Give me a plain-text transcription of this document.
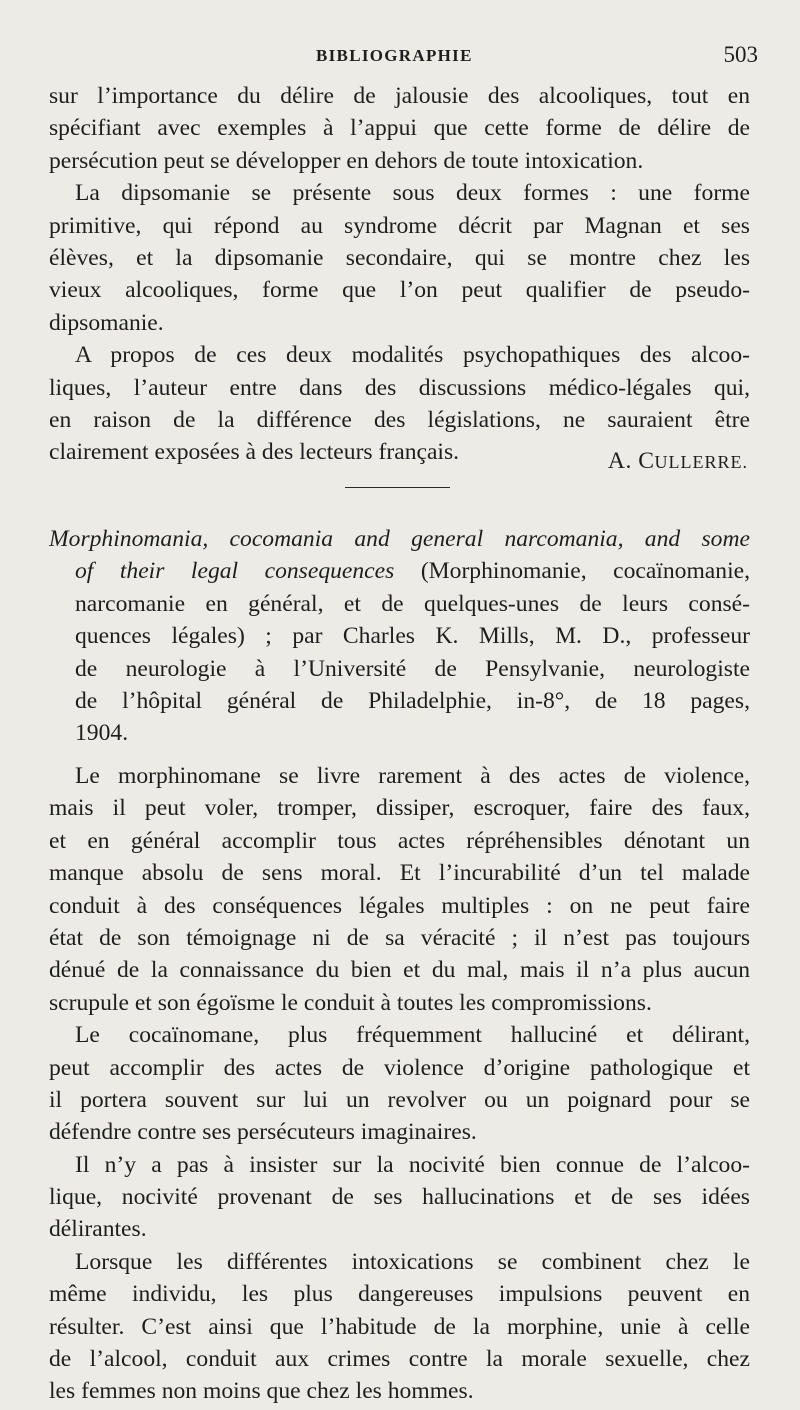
BIBLIOGRAPHIE	503
sur l’importance du délire de jalousie des alcooliques, tout en
spécifiant avec exemples à l’appui que cette forme de délire de
persécution peut se développer en dehors de toute intoxication.
La dipsomanie se présente sous deux formes : une forme
primitive, qui répond au syndrome décrit par Magnan et ses
élèves, et la dipsomanie secondaire, qui se montre chez les
vieux alcooliques, forme que l’on peut qualifier de pseudo-
dipsomanie.
A propos de ces deux modalités psychopathiques des alcoo-
liques, l’auteur entre dans des discussions médico-légales qui,
en raison de la différence des législations, ne sauraient être
clairement exposées à des lecteurs français.	A. CULLERRE.
Morphinomania, cocomania and general narcomania, and some
of their legal consequences (Morphinomanie, cocaïnomanie,
narcomanie en général, et de quelques-unes de leurs consé-
quences légales) ; par Charles K. Mills, M. D., professeur
de neurologie à l’Université de Pensylvanie, neurologiste
de l’hôpital général de Philadelphie, in-8°, de 18 pages,
1904.
Le morphinomane se livre rarement à des actes de violence,
mais il peut voler, tromper, dissiper, escroquer, faire des faux,
et en général accomplir tous actes répréhensibles dénotant un
manque absolu de sens moral. Et l’incurabilité d’un tel malade
conduit à des conséquences légales multiples : on ne peut faire
état de son témoignage ni de sa véracité ; il n’est pas toujours
dénué de la connaissance du bien et du mal, mais il n’a plus aucun
scrupule et son égoïsme le conduit à toutes les compromissions.
Le cocaïnomane, plus fréquemment halluciné et délirant,
peut accomplir des actes de violence d’origine pathologique et
il portera souvent sur lui un revolver ou un poignard pour se
défendre contre ses persécuteurs imaginaires.
Il n’y a pas à insister sur la nocivité bien connue de l’alcoo-
lique, nocivité provenant de ses hallucinations et de ses idées
délirantes.
Lorsque les différentes intoxications se combinent chez le
même individu, les plus dangereuses impulsions peuvent en
résulter. C’est ainsi que l’habitude de la morphine, unie à celle
de l’alcool, conduit aux crimes contre la morale sexuelle, chez
les femmes non moins que chez les hommes.
